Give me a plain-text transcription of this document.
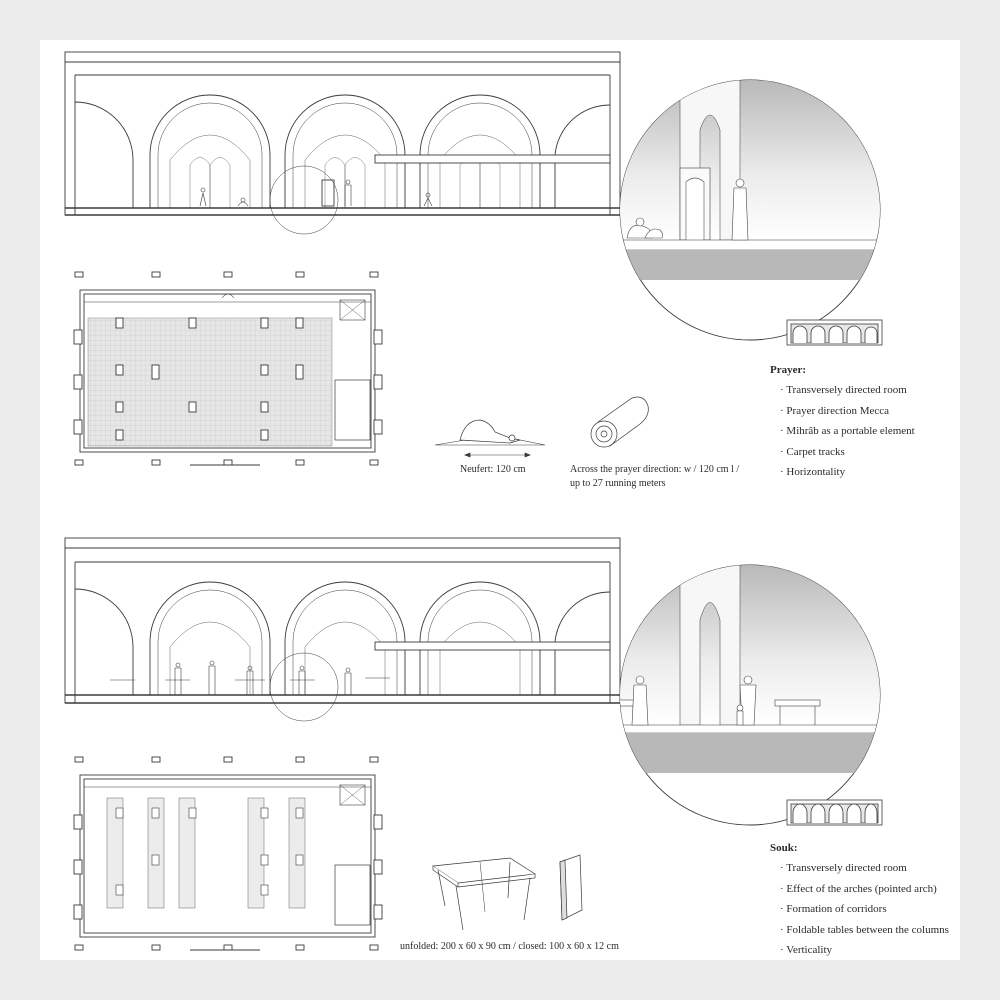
Prayer:
· Transversely directed room
· Prayer direction Mecca
· Mihrâb as a portable element
· Carpet tracks
· Horizontality
Neufert: 120 cm	Across the prayer direction: w / 120 cm l / up to 27 running meters
Souk:
· Transversely directed room
· Effect of the arches (pointed arch)
· Formation of corridors
· Foldable tables between the columns
· Verticality
unfolded: 200 x 60 x 90 cm / closed: 100 x 60 x 12 cm
